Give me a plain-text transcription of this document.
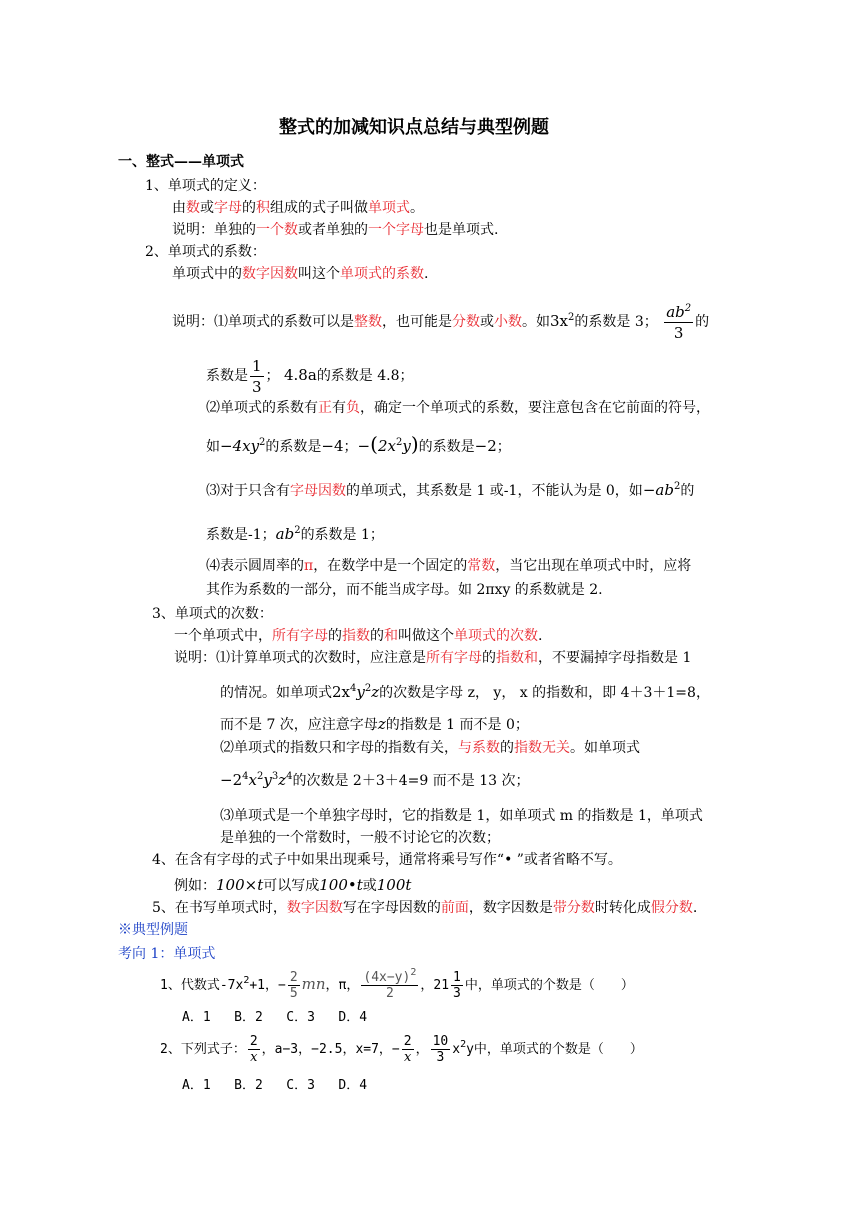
整式的加减知识点总结与典型例题
一、整式——单项式
1、单项式的定义：
由数或字母的积组成的式子叫做单项式。
说明：单独的一个数或者单独的一个字母也是单项式.
2、单项式的系数：
单项式中的数字因数叫这个单项式的系数.
说明：⑴单项式的系数可以是整数，也可能是分数或小数。如$3x^2$的系数是 3； $\frac{ab^2}{3}$ 的
系数是 $\frac{1}{3}$ ； 4.8a的系数是 4.8；
⑵单项式的系数有正有负，确定一个单项式的系数，要注意包含在它前面的符号，
如$-4xy^2$的系数是−4；$-(2x^2y)$的系数是−2；
⑶对于只含有字母因数的单项式，其系数是 1 或-1，不能认为是 0，如$-ab^2$的
系数是-1；$ab^2$的系数是 1；
⑷表示圆周率的π，在数学中是一个固定的常数，当它出现在单项式中时，应将
其作为系数的一部分，而不能当成字母。如 2πxy 的系数就是 2.
3、单项式的次数：
一个单项式中，所有字母的指数的和叫做这个单项式的次数.
说明：⑴计算单项式的次数时，应注意是所有字母的指数和，不要漏掉字母指数是 1
的情况。如单项式$2x^4y^2z$的次数是字母 z， y， x 的指数和，即 4＋3＋1=8，
而不是 7 次，应注意字母z的指数是 1 而不是 0；
⑵单项式的指数只和字母的指数有关，与系数的指数无关。如单项式
$-2^4x^2y^3z^4$的次数是 2＋3＋4=9 而不是 13 次；
⑶单项式是一个单独字母时，它的指数是 1，如单项式 m 的指数是 1，单项式
是单独的一个常数时，一般不讨论它的次数；
4、在含有字母的式子中如果出现乘号，通常将乘号写作“• ”或者省略不写。
例如：100×t可以写成100•t或100t
5、在书写单项式时，数字因数写在字母因数的前面，数字因数是带分数时转化成假分数.
※典型例题
考向 1：单项式
1、代数式$-7x^2+1$，− $\frac{2}{5}$ mn，π， $\frac{(4x-y)^2}{2}$ ，$21 \frac{1}{3}$ 中，单项式的个数是（　　）
A．1 B．2 C．3 D．4
2、下列式子： $\frac{2}{x}$ ，a−3，−2.5，x=7，− $\frac{2}{x}$ ， $\frac{10}{3} x^2y$中，单项式的个数是（　　）
A．1 B．2 C．3 D．4
